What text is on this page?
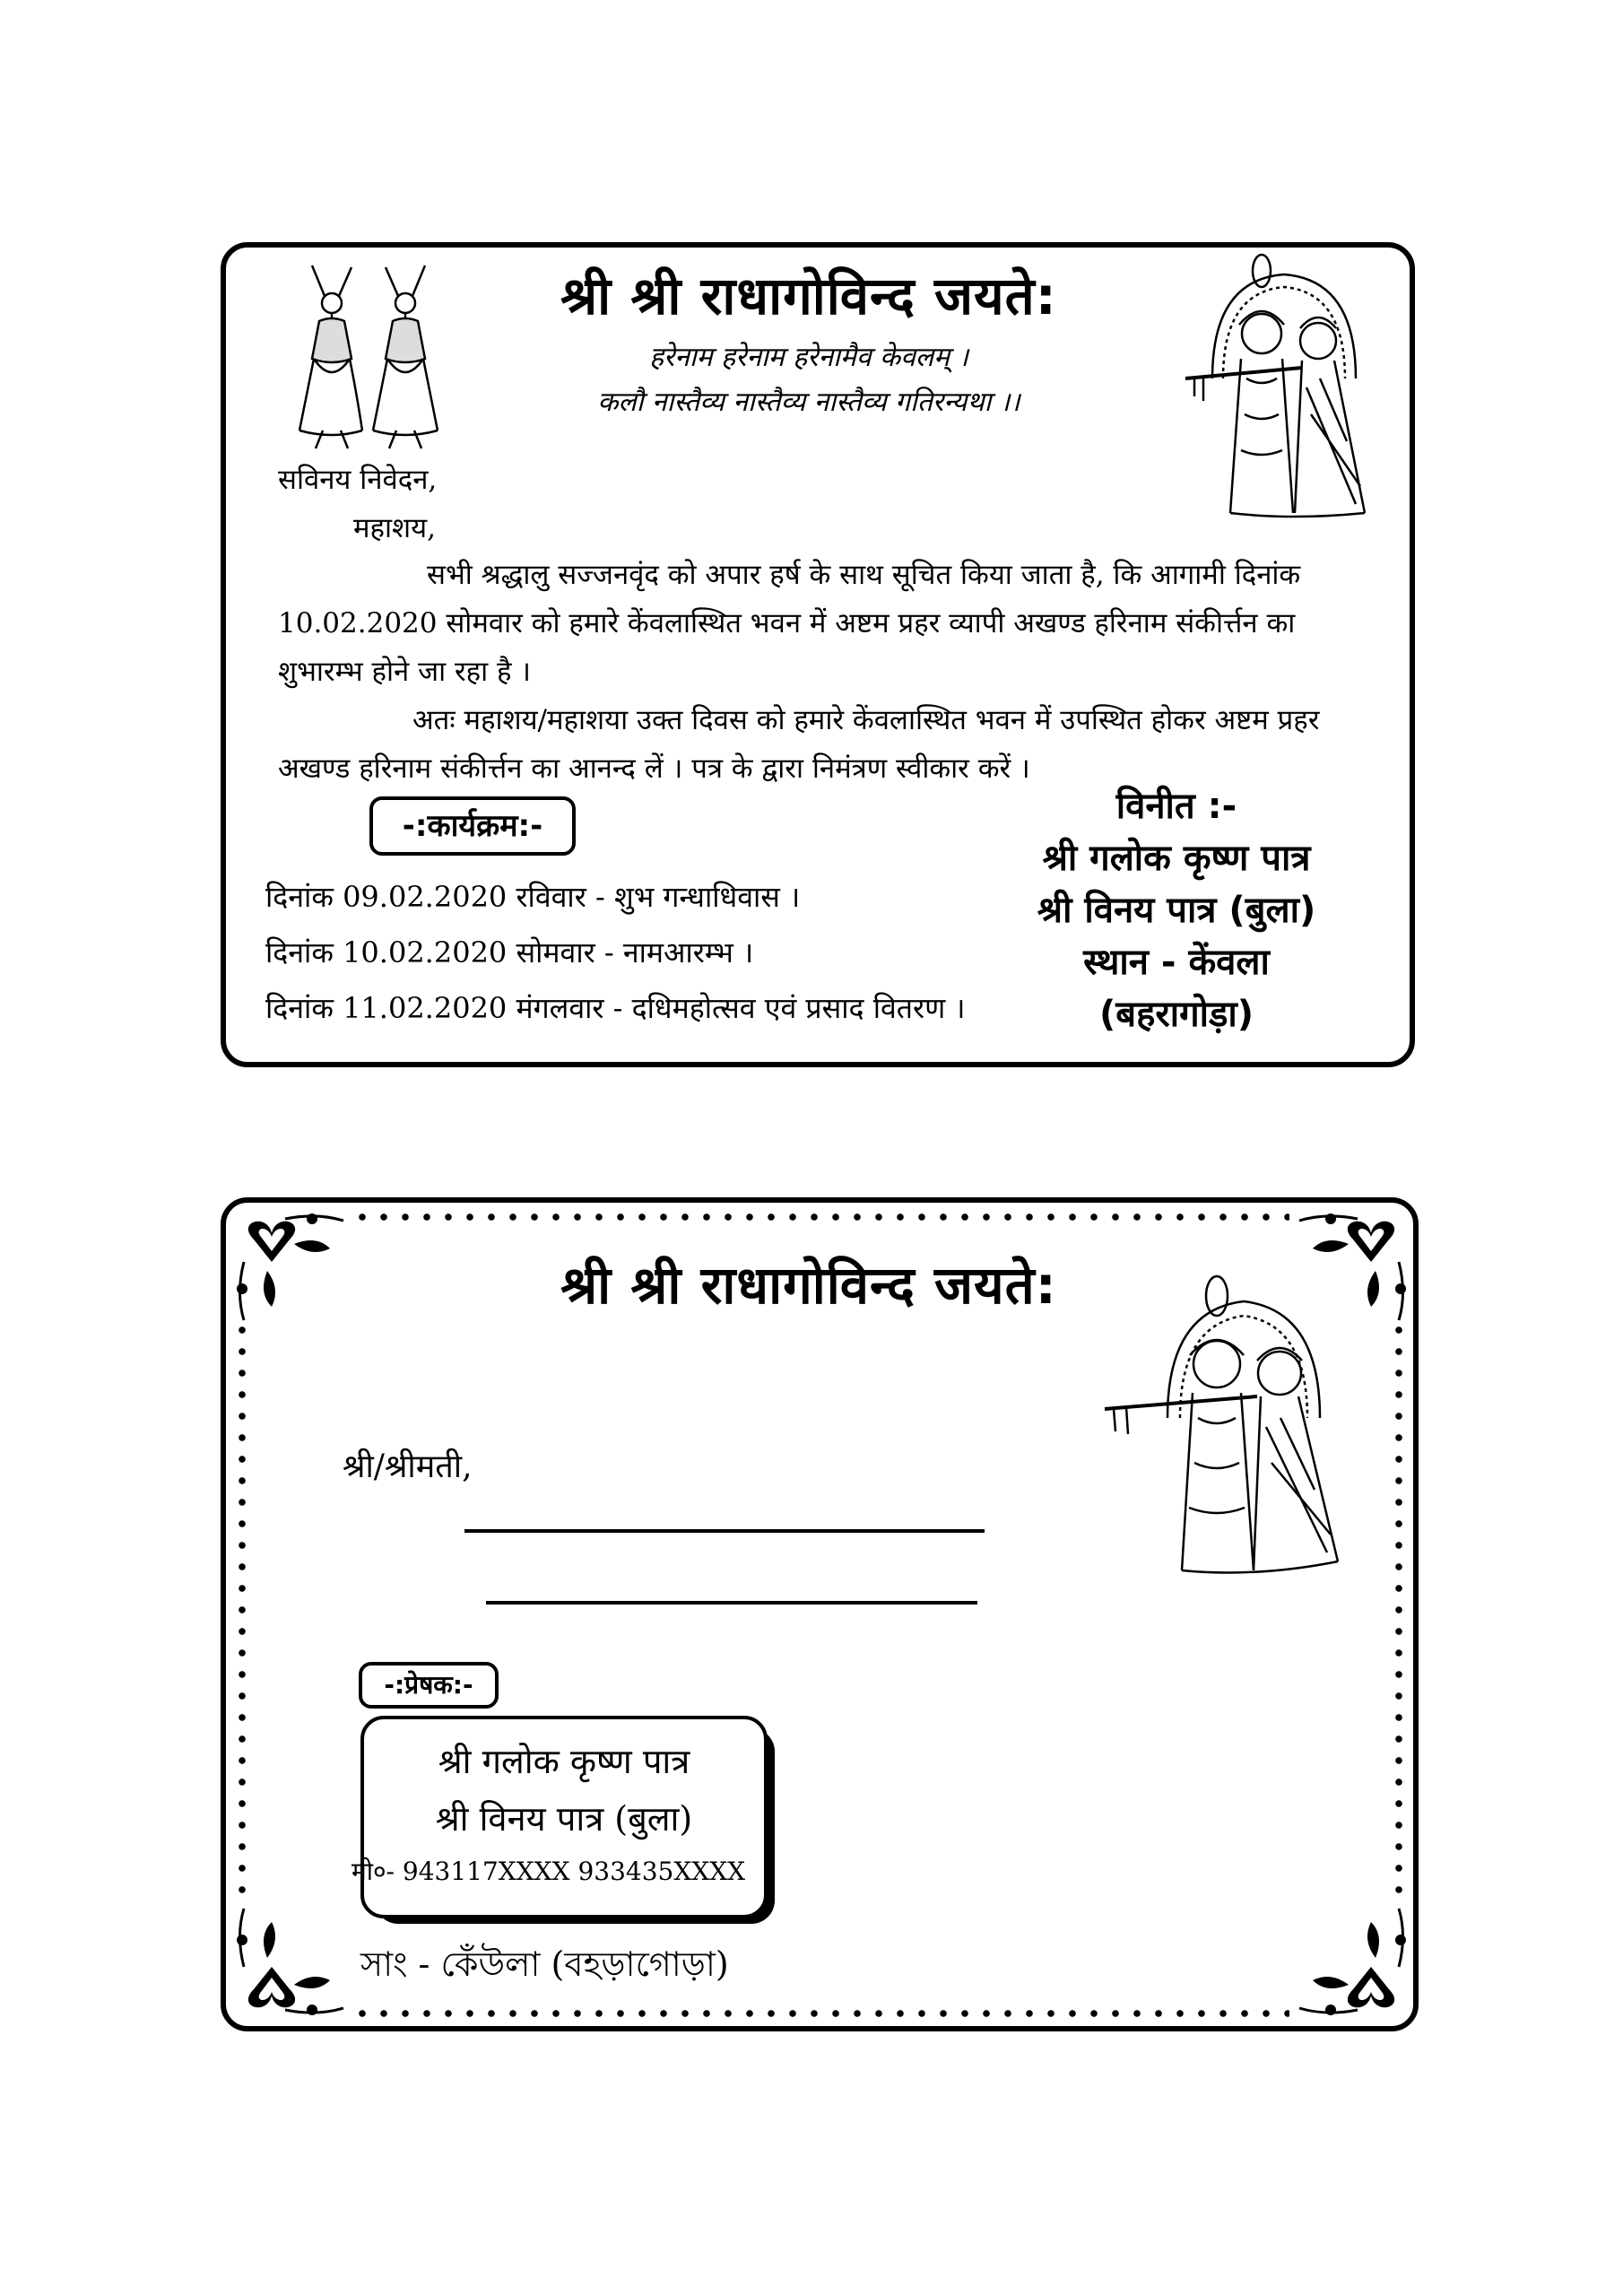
श्री श्री राधागोविन्द जयते:
हरेनाम हरेनाम हरेनामैव केवलम् ।
कलौ नास्तैव्य नास्तैव्य नास्तैव्य गतिरन्यथा ।।
सविनय निवेदन,
महाशय,
सभी श्रद्धालु सज्जनवृंद को अपार हर्ष के साथ सूचित किया जाता है, कि आगामी दिनांक
10.02.2020 सोमवार को हमारे केंवलास्थित भवन में अष्टम प्रहर व्यापी अखण्ड हरिनाम संकीर्त्तन का
शुभारम्भ होने जा रहा है ।
अतः महाशय/महाशया उक्त दिवस को हमारे केंवलास्थित भवन में उपस्थित होकर अष्टम प्रहर
अखण्ड हरिनाम संकीर्त्तन का आनन्द लें । पत्र के द्वारा निमंत्रण स्वीकार करें ।
-:कार्यक्रम:-
दिनांक 09.02.2020 रविवार - शुभ गन्धाधिवास ।
दिनांक 10.02.2020 सोमवार - नामआरम्भ ।
दिनांक 11.02.2020 मंगलवार - दधिमहोत्सव एवं प्रसाद वितरण ।
विनीत :-
श्री गलोक कृष्ण पात्र
श्री विनय पात्र (बुला)
स्थान - केंवला
(बहरागोड़ा)
श्री श्री राधागोविन्द जयते:
श्री/श्रीमती,
-:प्रेषक:-
श्री गलोक कृष्ण पात्र
श्री विनय पात्र (बुला)
मो०- 943117XXXX 933435XXXX
সাং - কেঁউলা (বহড়াগোড়া)
